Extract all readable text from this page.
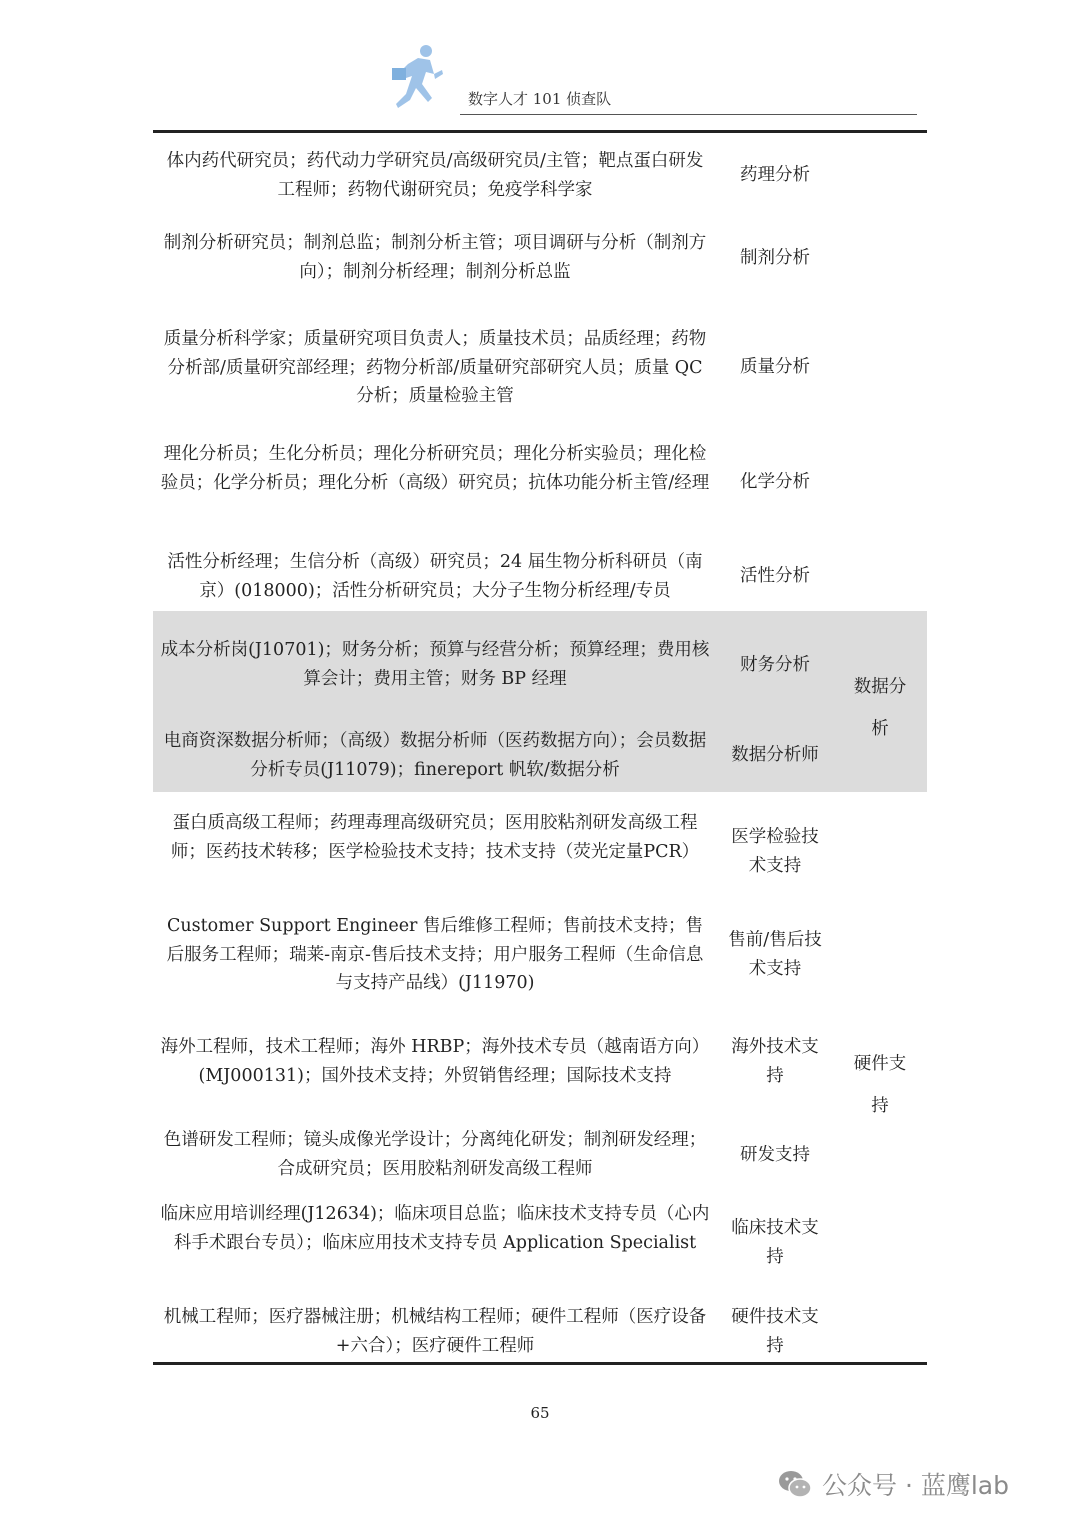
数字人才 101 侦查队
体内药代研究员；药代动力学研究员/高级研究员/主管；靶点蛋白研发工程师；药物代谢研究员；免疫学科学家
药理分析
制剂分析研究员；制剂总监；制剂分析主管；项目调研与分析（制剂方向）；制剂分析经理；制剂分析总监
制剂分析
质量分析科学家；质量研究项目负责人；质量技术员；品质经理；药物分析部/质量研究部经理；药物分析部/质量研究部研究人员；质量 QC 分析；质量检验主管
质量分析
理化分析员；生化分析员；理化分析研究员；理化分析实验员；理化检验员；化学分析员；理化分析（高级）研究员；抗体功能分析主管/经理	化学分析
活性分析经理；生信分析（高级）研究员；24 届生物分析科研员（南京）(018000)；活性分析研究员；大分子生物分析经理/专员
活性分析
成本分析岗(J10701)；财务分析；预算与经营分析；预算经理；费用核算会计；费用主管；财务 BP 经理
财务分析
电商资深数据分析师；（高级）数据分析师（医药数据方向）；会员数据分析专员(J11079)；finereport 帆软/数据分析
数据分析师
数据分析
蛋白质高级工程师；药理毒理高级研究员；医用胶粘剂研发高级工程师；医药技术转移；医学检验技术支持；技术支持（荧光定量PCR）
医学检验技术支持
Customer Support Engineer 售后维修工程师；售前技术支持；售后服务工程师；瑞莱-南京-售后技术支持；用户服务工程师（生命信息与支持产品线）(J11970)
售前/售后技术支持
海外工程师，技术工程师；海外 HRBP；海外技术专员（越南语方向） (MJ000131)；国外技术支持；外贸销售经理；国际技术支持
海外技术支持
硬件支持
色谱研发工程师；镜头成像光学设计；分离纯化研发；制剂研发经理；合成研究员；医用胶粘剂研发高级工程师
研发支持
临床应用培训经理(J12634)；临床项目总监；临床技术支持专员（心内科手术跟台专员）；临床应用技术支持专员 Application Specialist
临床技术支持
机械工程师；医疗器械注册；机械结构工程师；硬件工程师（医疗设备+六合）；医疗硬件工程师
硬件技术支持
65
公众号 · 蓝鹰lab
